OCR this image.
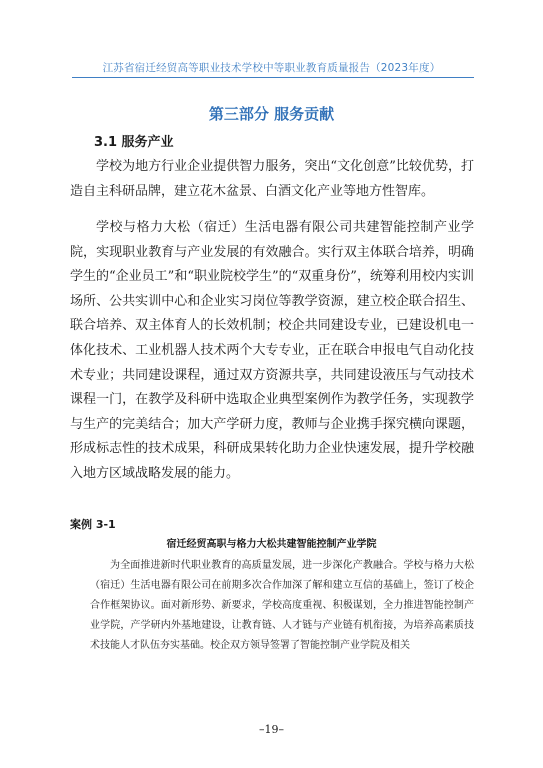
江苏省宿迁经贸高等职业技术学校中等职业教育质量报告（2023年度）
第三部分 服务贡献
3.1 服务产业

学校为地方行业企业提供智力服务，突出“文化创意”比较优势，打造自主科研品牌，建立花木盆景、白酒文化产业等地方性智库。

学校与格力大松（宿迁）生活电器有限公司共建智能控制产业学院，实现职业教育与产业发展的有效融合。实行双主体联合培养，明确学生的“企业员工”和“职业院校学生”的“双重身份”，统筹利用校内实训场所、公共实训中心和企业实习岗位等教学资源，建立校企联合招生、联合培养、双主体育人的长效机制；校企共同建设专业，已建设机电一体化技术、工业机器人技术两个大专专业，正在联合申报电气自动化技术专业；共同建设课程，通过双方资源共享，共同建设液压与气动技术课程一门，在教学及科研中选取企业典型案例作为教学任务，实现教学与生产的完美结合；加大产学研力度，教师与企业携手探究横向课题，形成标志性的技术成果，科研成果转化助力企业快速发展，提升学校融入地方区域战略发展的能力。

案例 3-1
宿迁经贸高职与格力大松共建智能控制产业学院

为全面推进新时代职业教育的高质量发展，进一步深化产教融合。学校与格力大松（宿迁）生活电器有限公司在前期多次合作加深了解和建立互信的基础上，签订了校企合作框架协议。面对新形势、新要求，学校高度重视、积极谋划，全力推进智能控制产业学院，产学研内外基地建设，让教育链、人才链与产业链有机衔接，为培养高素质技术技能人才队伍夯实基础。校企双方领导签署了智能控制产业学院及相关

–19–
